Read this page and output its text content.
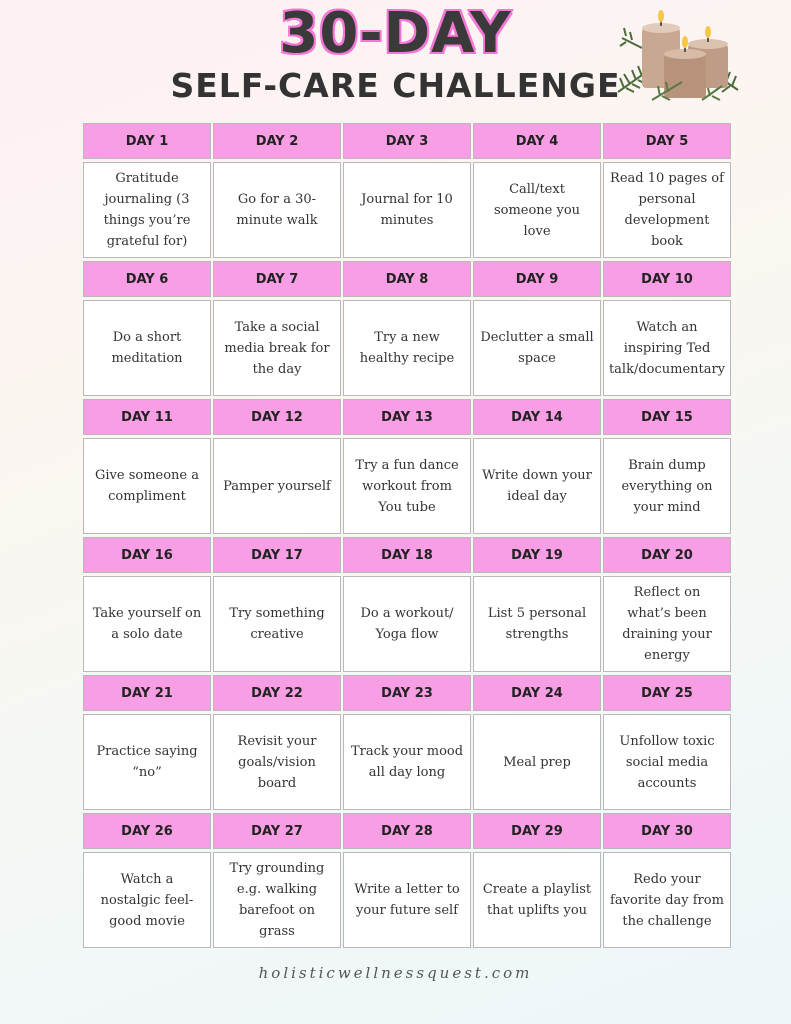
30-DAY
SELF-CARE CHALLENGE
DAY 1	DAY 2	DAY 3	DAY 4	DAY 5
Gratitude journaling (3 things you’re grateful for)
Go for a 30-minute walk
Journal for 10 minutes
Call/text someone you love
Read 10 pages of personal development book
DAY 6	DAY 7	DAY 8	DAY 9	DAY 10
Do a short meditation
Take a social media break for the day
Try a new healthy recipe
Declutter a small space
Watch an inspiring Ted talk/documentary
DAY 11	DAY 12	DAY 13	DAY 14	DAY 15
Give someone a compliment
Pamper yourself
Try a fun dance workout from You tube
Write down your ideal day
Brain dump everything on your mind
DAY 16	DAY 17	DAY 18	DAY 19	DAY 20
Take yourself on a solo date
Try something creative
Do a workout/ Yoga flow
List 5 personal strengths
Reflect on what’s been draining your energy
DAY 21	DAY 22	DAY 23	DAY 24	DAY 25
Practice saying “no”
Revisit your goals/vision board
Track your mood all day long
Meal prep
Unfollow toxic social media accounts
DAY 26	DAY 27	DAY 28	DAY 29	DAY 30
Watch a nostalgic feel-good movie
Try grounding e.g. walking barefoot on grass
Write a letter to your future self
Create a playlist that uplifts you
Redo your favorite day from the challenge
holisticwellnessquest.com
